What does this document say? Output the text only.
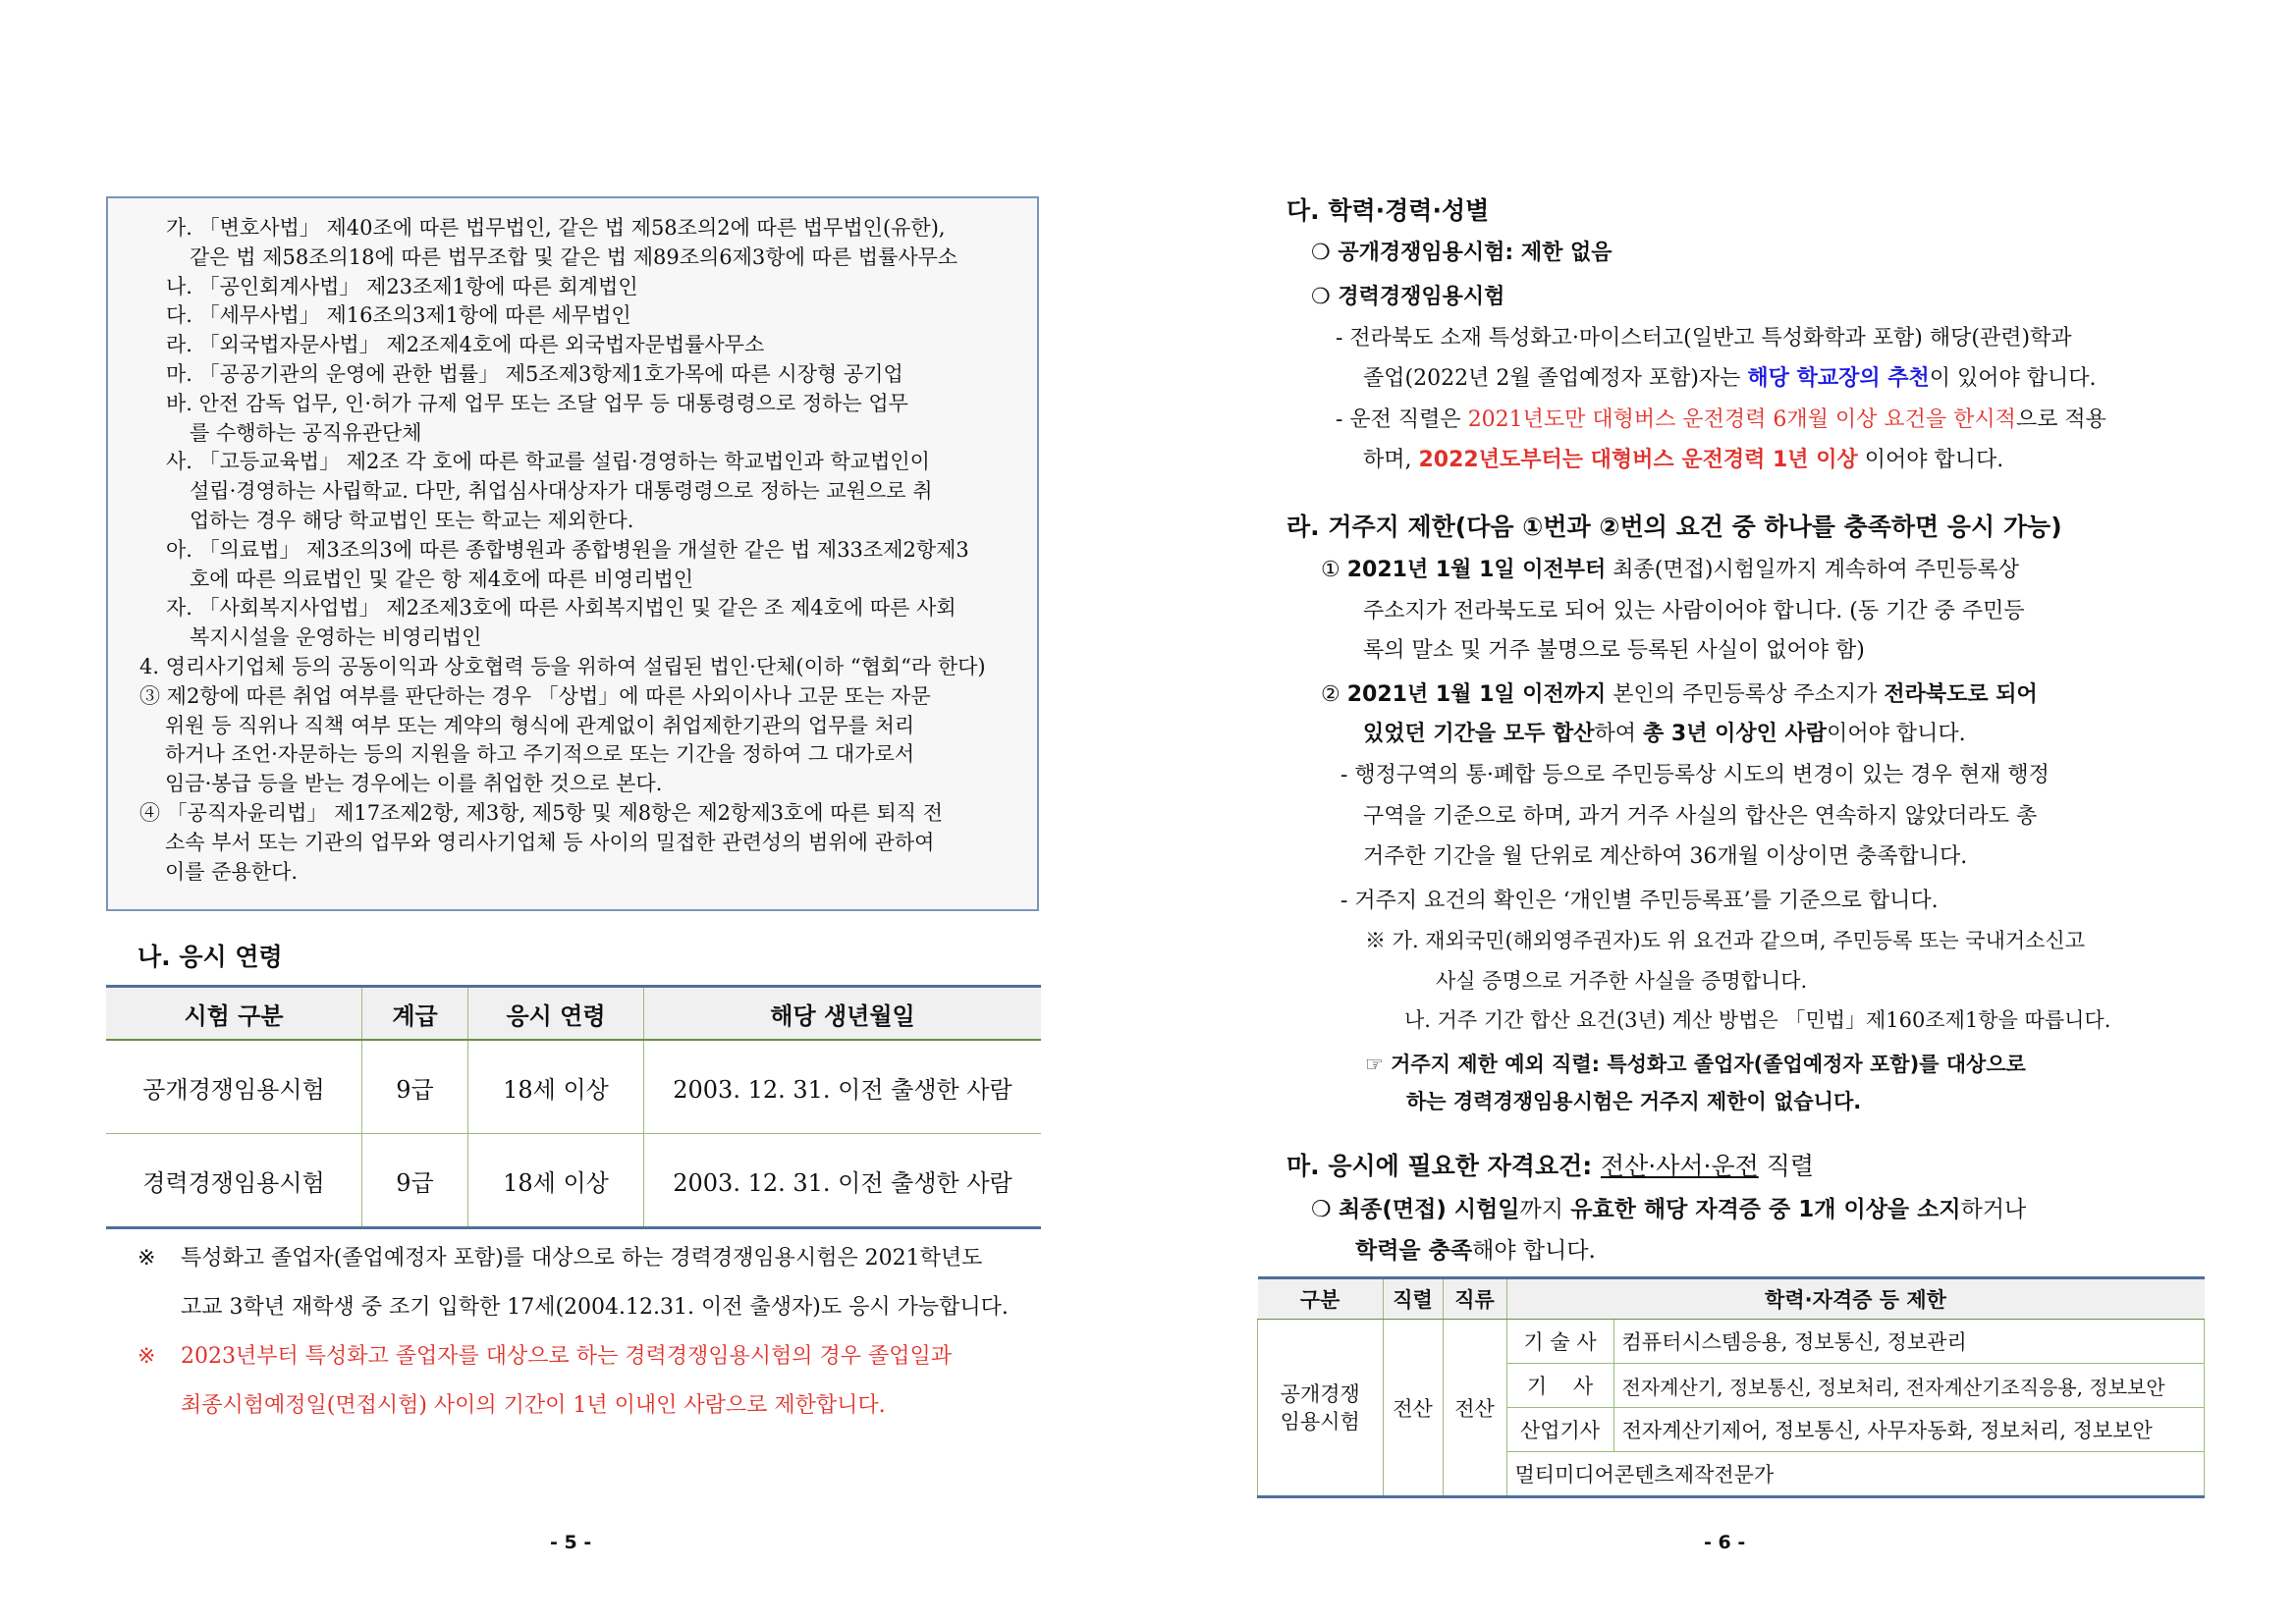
가. 「변호사법」 제40조에 따른 법무법인, 같은 법 제58조의2에 따른 법무법인(유한),
같은 법 제58조의18에 따른 법무조합 및 같은 법 제89조의6제3항에 따른 법률사무소
나. 「공인회계사법」 제23조제1항에 따른 회계법인
다. 「세무사법」 제16조의3제1항에 따른 세무법인
라. 「외국법자문사법」 제2조제4호에 따른 외국법자문법률사무소
마. 「공공기관의 운영에 관한 법률」 제5조제3항제1호가목에 따른 시장형 공기업
바. 안전 감독 업무, 인·허가 규제 업무 또는 조달 업무 등 대통령령으로 정하는 업무
를 수행하는 공직유관단체
사. 「고등교육법」 제2조 각 호에 따른 학교를 설립·경영하는 학교법인과 학교법인이
설립·경영하는 사립학교. 다만, 취업심사대상자가 대통령령으로 정하는 교원으로 취
업하는 경우 해당 학교법인 또는 학교는 제외한다.
아. 「의료법」 제3조의3에 따른 종합병원과 종합병원을 개설한 같은 법 제33조제2항제3
호에 따른 의료법인 및 같은 항 제4호에 따른 비영리법인
자. 「사회복지사업법」 제2조제3호에 따른 사회복지법인 및 같은 조 제4호에 따른 사회
복지시설을 운영하는 비영리법인
4. 영리사기업체 등의 공동이익과 상호협력 등을 위하여 설립된 법인·단체(이하 “협회“라 한다)
③ 제2항에 따른 취업 여부를 판단하는 경우 「상법」에 따른 사외이사나 고문 또는 자문
위원 등 직위나 직책 여부 또는 계약의 형식에 관계없이 취업제한기관의 업무를 처리
하거나 조언·자문하는 등의 지원을 하고 주기적으로 또는 기간을 정하여 그 대가로서
임금·봉급 등을 받는 경우에는 이를 취업한 것으로 본다.
④ 「공직자윤리법」 제17조제2항, 제3항, 제5항 및 제8항은 제2항제3호에 따른 퇴직 전
소속 부서 또는 기관의 업무와 영리사기업체 등 사이의 밀접한 관련성의 범위에 관하여
이를 준용한다.
나. 응시 연령
시험 구분	계급	응시 연령	해당 생년월일
공개경쟁임용시험	9급	18세 이상	2003. 12. 31. 이전 출생한 사람
경력경쟁임용시험	9급	18세 이상	2003. 12. 31. 이전 출생한 사람
※ 특성화고 졸업자(졸업예정자 포함)를 대상으로 하는 경력경쟁임용시험은 2021학년도
고교 3학년 재학생 중 조기 입학한 17세(2004.12.31. 이전 출생자)도 응시 가능합니다.
※ 2023년부터 특성화고 졸업자를 대상으로 하는 경력경쟁임용시험의 경우 졸업일과
최종시험예정일(면접시험) 사이의 기간이 1년 이내인 사람으로 제한합니다.
- 5 -
다. 학력·경력·성별
❍ 공개경쟁임용시험: 제한 없음
❍ 경력경쟁임용시험
- 전라북도 소재 특성화고·마이스터고(일반고 특성화학과 포함) 해당(관련)학과
졸업(2022년 2월 졸업예정자 포함)자는 해당 학교장의 추천이 있어야 합니다.
- 운전 직렬은 2021년도만 대형버스 운전경력 6개월 이상 요건을 한시적으로 적용
하며, 2022년도부터는 대형버스 운전경력 1년 이상 이어야 합니다.
라. 거주지 제한(다음 ①번과 ②번의 요건 중 하나를 충족하면 응시 가능)
① 2021년 1월 1일 이전부터 최종(면접)시험일까지 계속하여 주민등록상
주소지가 전라북도로 되어 있는 사람이어야 합니다. (동 기간 중 주민등
록의 말소 및 거주 불명으로 등록된 사실이 없어야 함)
② 2021년 1월 1일 이전까지 본인의 주민등록상 주소지가 전라북도로 되어
있었던 기간을 모두 합산하여 총 3년 이상인 사람이어야 합니다.
- 행정구역의 통·폐합 등으로 주민등록상 시도의 변경이 있는 경우 현재 행정
구역을 기준으로 하며, 과거 거주 사실의 합산은 연속하지 않았더라도 총
거주한 기간을 월 단위로 계산하여 36개월 이상이면 충족합니다.
- 거주지 요건의 확인은 ‘개인별 주민등록표’를 기준으로 합니다.
※ 가. 재외국민(해외영주권자)도 위 요건과 같으며, 주민등록 또는 국내거소신고
사실 증명으로 거주한 사실을 증명합니다.
나. 거주 기간 합산 요건(3년) 계산 방법은 「민법」제160조제1항을 따릅니다.
☞ 거주지 제한 예외 직렬: 특성화고 졸업자(졸업예정자 포함)를 대상으로
하는 경력경쟁임용시험은 거주지 제한이 없습니다.
마. 응시에 필요한 자격요건: 전산·사서·운전 직렬
❍ 최종(면접) 시험일까지 유효한 해당 자격증 중 1개 이상을 소지하거나
학력을 충족해야 합니다.
구분	직렬	직류	학력·자격증 등 제한	
공개경쟁
임용시험	전산	전산	기 술 사	컴퓨터시스템응용, 정보통신, 정보관리
			기    사	전자계산기, 정보통신, 정보처리, 전자계산기조직응용, 정보보안
			산업기사	전자계산기제어, 정보통신, 사무자동화, 정보처리, 정보보안
			멀티미디어콘텐츠제작전문가	
- 6 -
